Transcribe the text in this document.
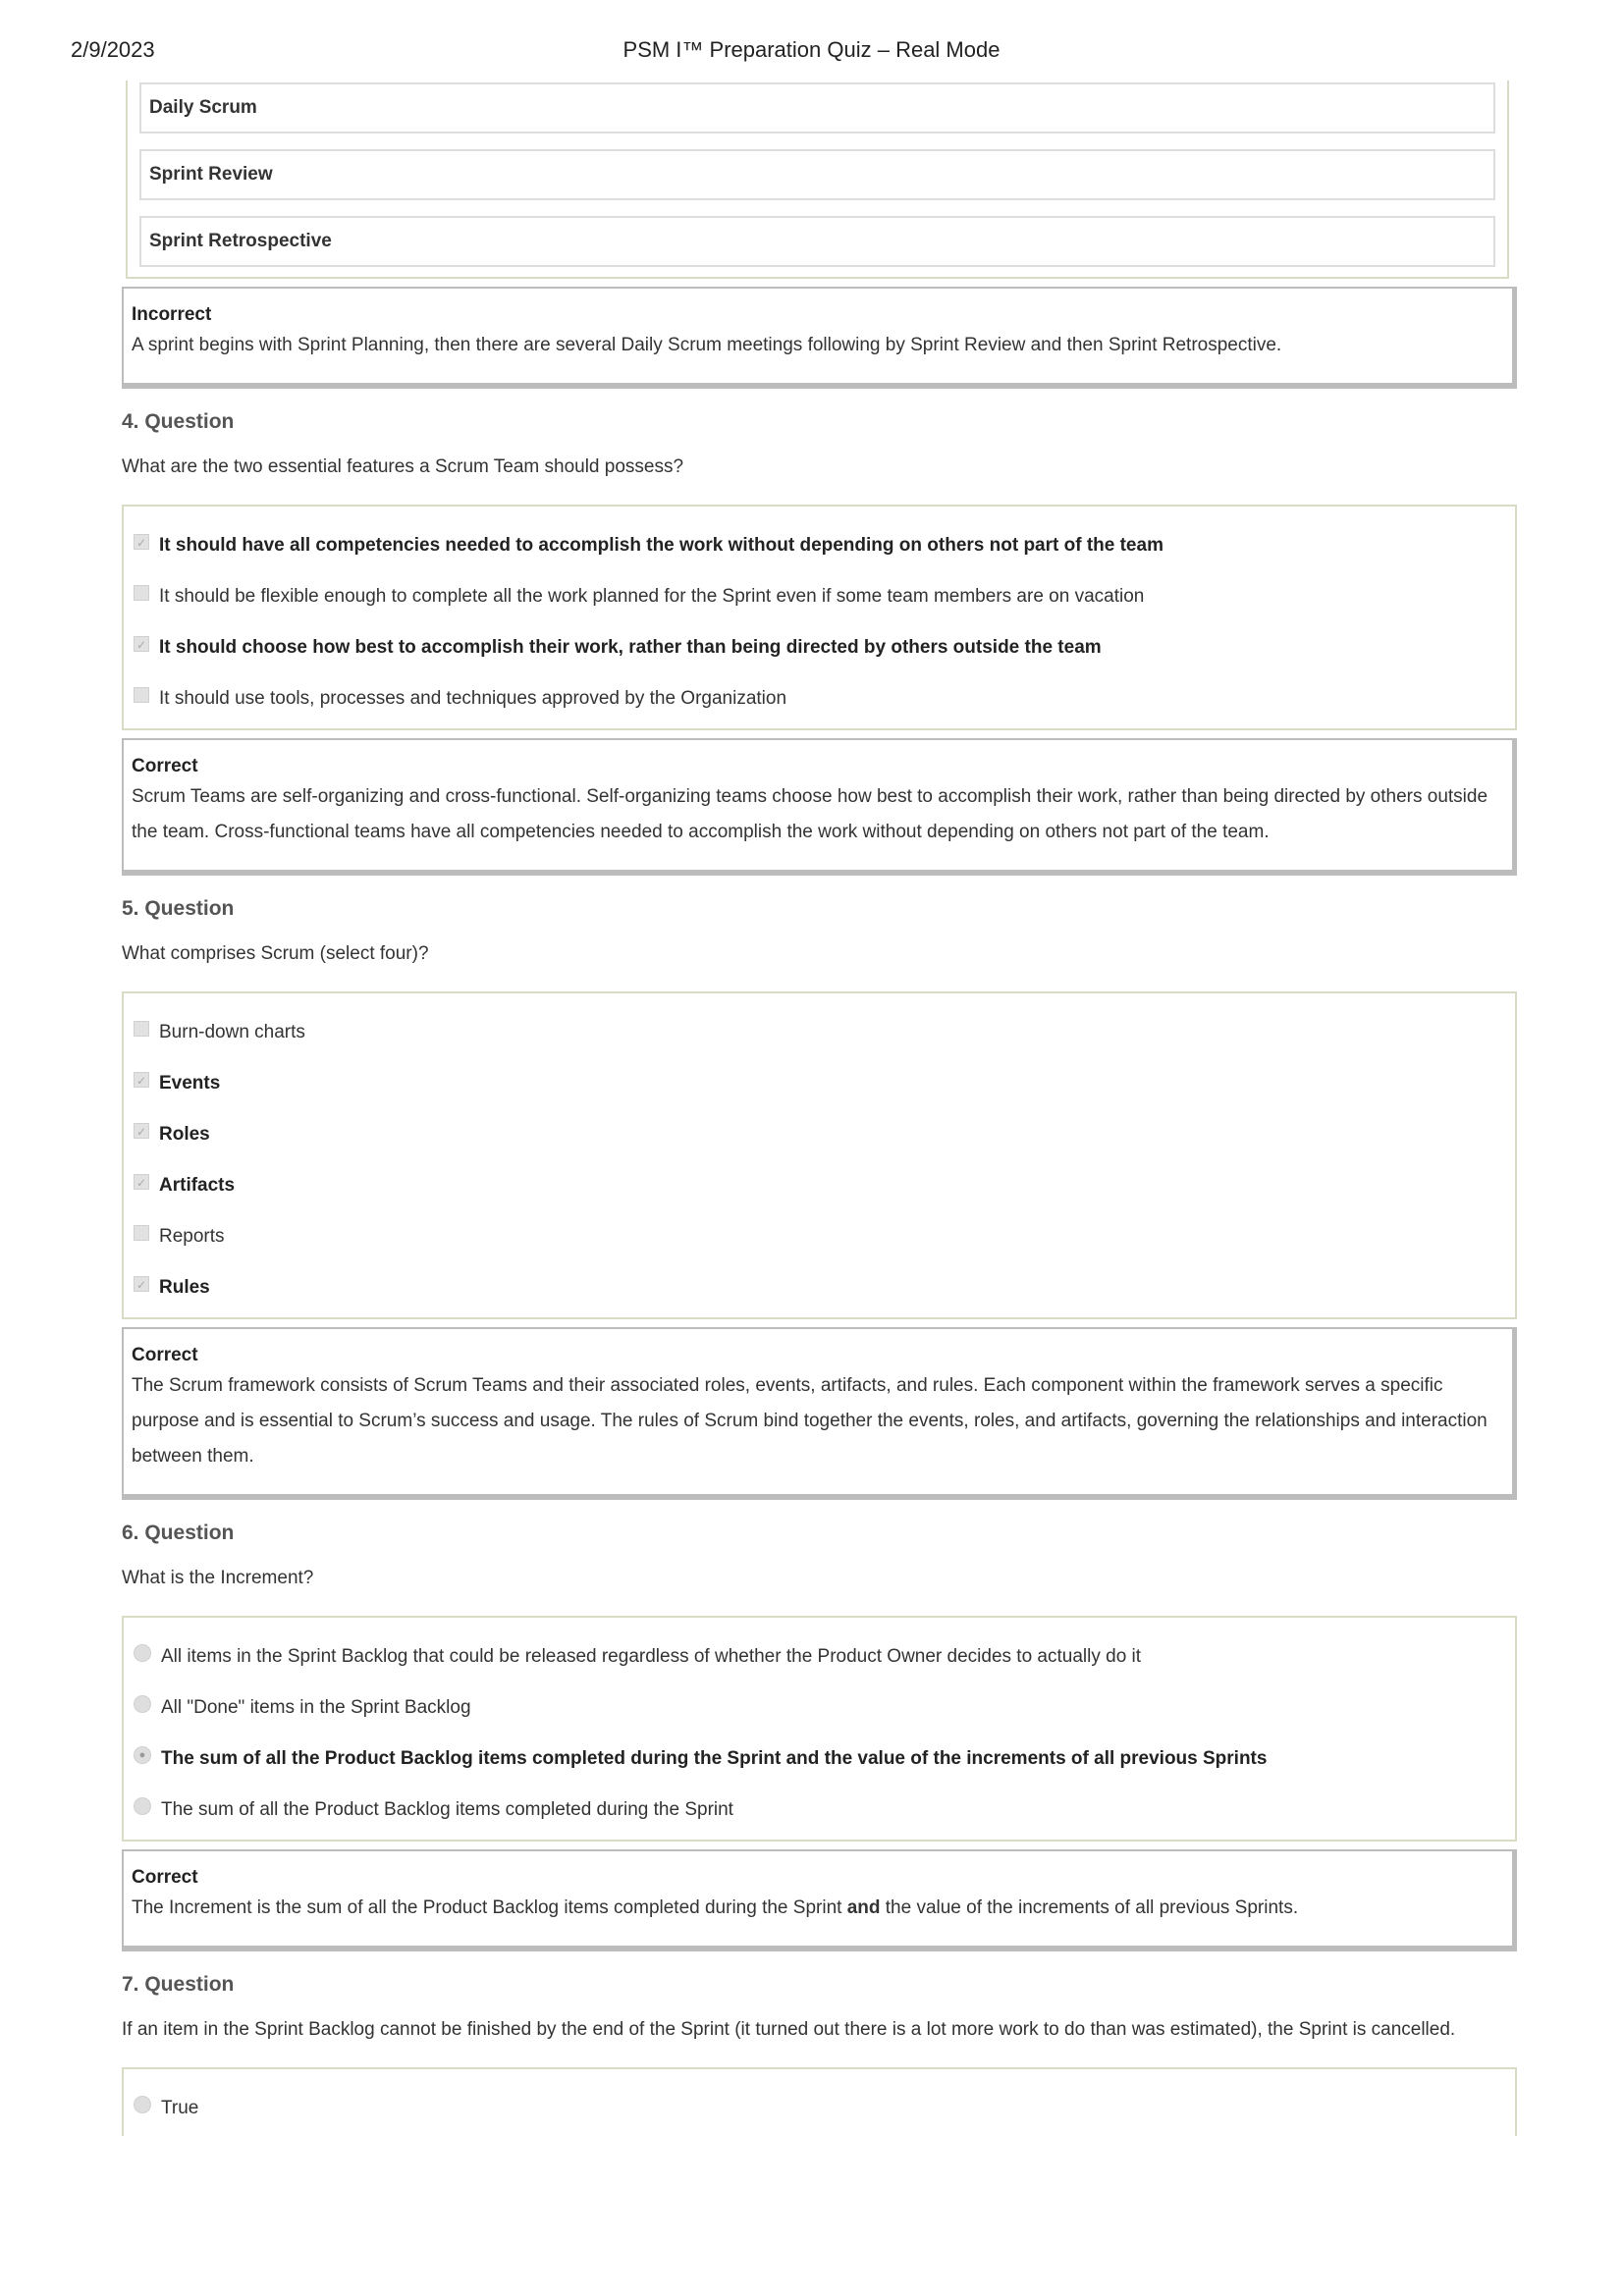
2/9/2023	PSM I™ Preparation Quiz – Real Mode
Daily Scrum
Sprint Review
Sprint Retrospective
Incorrect
A sprint begins with Sprint Planning, then there are several Daily Scrum meetings following by Sprint Review and then Sprint Retrospective.
4. Question
What are the two essential features a Scrum Team should possess?
✓ It should have all competencies needed to accomplish the work without depending on others not part of the team
It should be flexible enough to complete all the work planned for the Sprint even if some team members are on vacation
✓ It should choose how best to accomplish their work, rather than being directed by others outside the team
It should use tools, processes and techniques approved by the Organization
Correct
Scrum Teams are self-organizing and cross-functional. Self-organizing teams choose how best to accomplish their work, rather than being directed by others outside the team. Cross-functional teams have all competencies needed to accomplish the work without depending on others not part of the team.
5. Question
What comprises Scrum (select four)?
Burn-down charts
✓ Events
✓ Roles
✓ Artifacts
Reports
✓ Rules
Correct
The Scrum framework consists of Scrum Teams and their associated roles, events, artifacts, and rules. Each component within the framework serves a specific purpose and is essential to Scrum’s success and usage. The rules of Scrum bind together the events, roles, and artifacts, governing the relationships and interaction between them.
6. Question
What is the Increment?
All items in the Sprint Backlog that could be released regardless of whether the Product Owner decides to actually do it
All "Done" items in the Sprint Backlog
● The sum of all the Product Backlog items completed during the Sprint and the value of the increments of all previous Sprints
The sum of all the Product Backlog items completed during the Sprint
Correct
The Increment is the sum of all the Product Backlog items completed during the Sprint and the value of the increments of all previous Sprints.
7. Question
If an item in the Sprint Backlog cannot be finished by the end of the Sprint (it turned out there is a lot more work to do than was estimated), the Sprint is cancelled.
True
